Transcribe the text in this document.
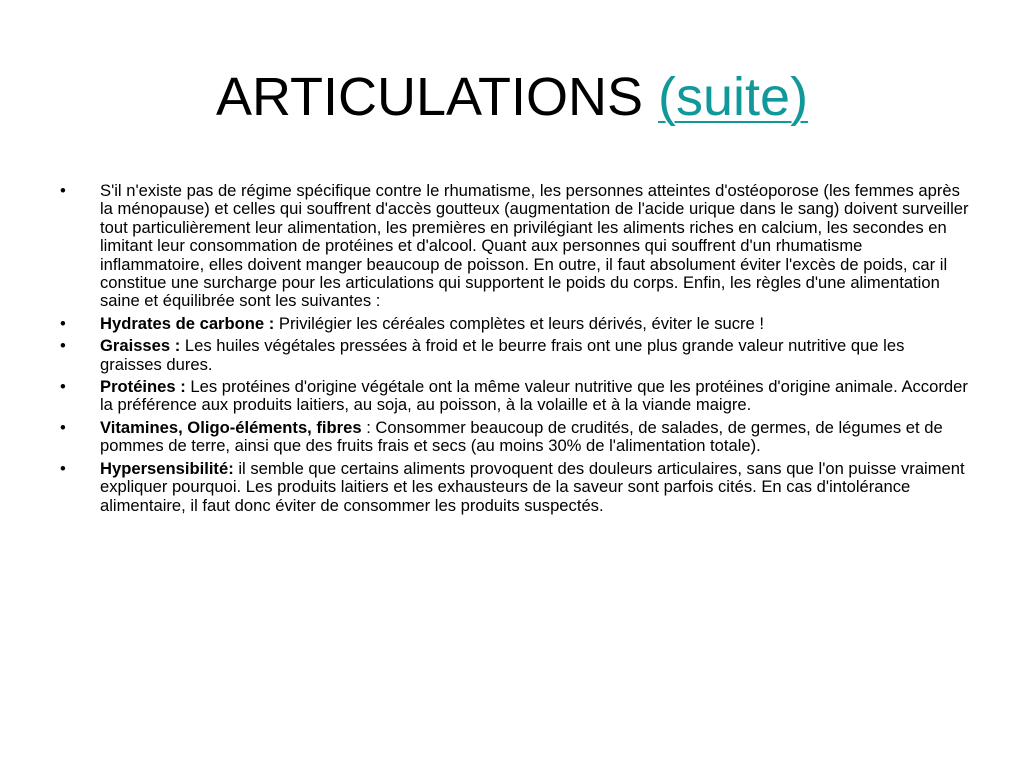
ARTICULATIONS (suite)
•	S'il n'existe pas de régime spécifique contre le rhumatisme, les personnes atteintes d'ostéoporose (les femmes après la ménopause) et celles qui souffrent d'accès goutteux (augmentation de l'acide urique dans le sang) doivent surveiller tout particulièrement leur alimentation, les premières en privilégiant les aliments riches en calcium, les secondes en limitant leur consommation de protéines et d'alcool. Quant aux personnes qui souffrent d'un rhumatisme inflammatoire, elles doivent manger beaucoup de poisson. En outre, il faut absolument éviter l'excès de poids, car il constitue une surcharge pour les articulations qui supportent le poids du corps. Enfin, les règles d'une alimentation saine et équilibrée sont les suivantes :
•	Hydrates de carbone : Privilégier les céréales complètes et leurs dérivés, éviter le sucre !
•	Graisses : Les huiles végétales pressées à froid et le beurre frais ont une plus grande valeur nutritive que les graisses dures.
•	Protéines : Les protéines d'origine végétale ont la même valeur nutritive que les protéines d'origine animale. Accorder la préférence aux produits laitiers, au soja, au poisson, à la volaille et à la viande maigre.
•	Vitamines, Oligo-éléments, fibres : Consommer beaucoup de crudités, de salades, de germes, de légumes et de pommes de terre, ainsi que des fruits frais et secs (au moins 30% de l'alimentation totale).
•	Hypersensibilité: il semble que certains aliments provoquent des douleurs articulaires, sans que l'on puisse vraiment expliquer pourquoi. Les produits laitiers et les exhausteurs de la saveur sont parfois cités. En cas d'intolérance alimentaire, il faut donc éviter de consommer les produits suspectés.
